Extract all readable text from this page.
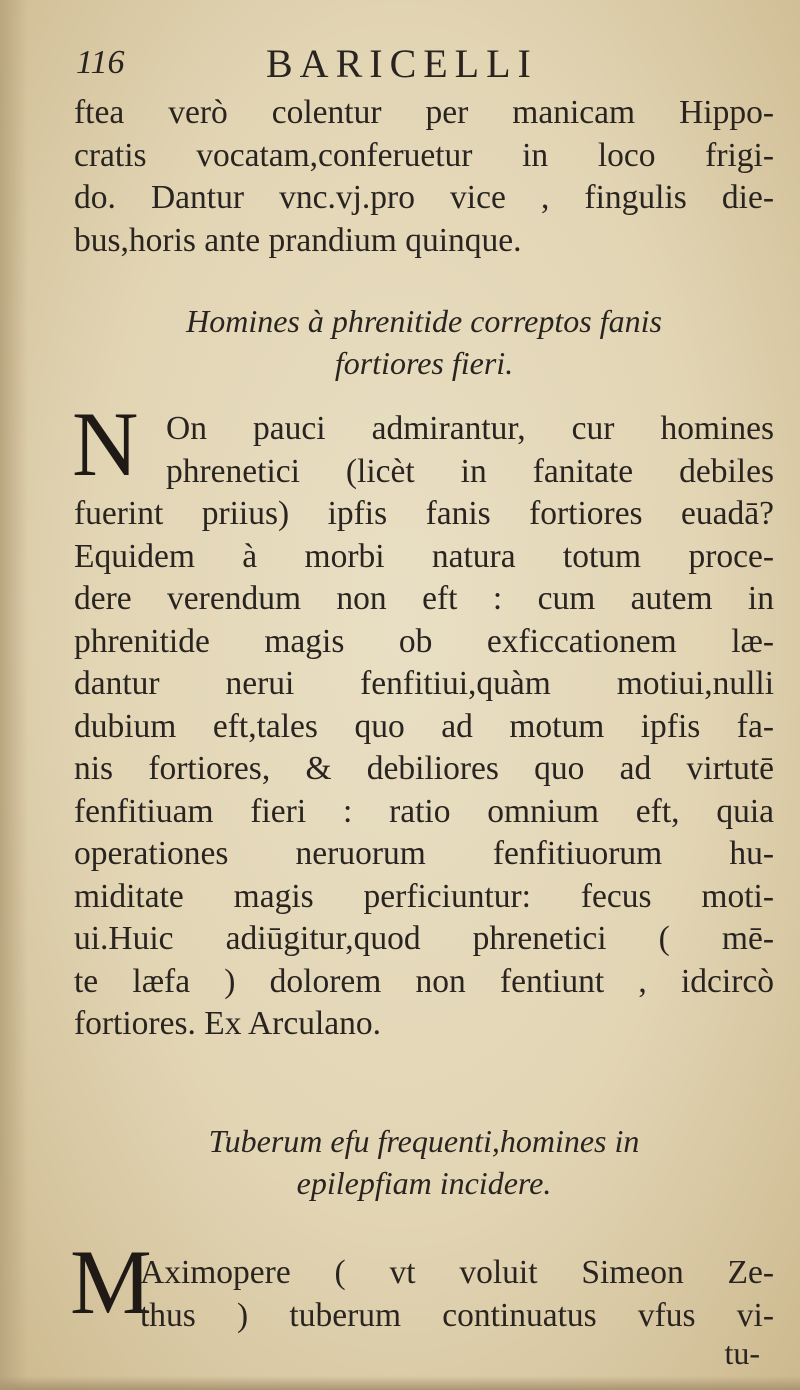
116	BARICELLI
ftea verò colentur per manicam Hippo-
cratis vocatam,conferuetur in loco frigi-
do. Dantur vnc.vj.pro vice , fingulis die-
bus,horis ante prandium quinque.
Homines à phrenitide correptos fanis
fortiores fieri.
N On pauci admirantur, cur homines
phrenetici (licèt in fanitate debiles
fuerint priius) ipfis fanis fortiores euadā?
Equidem à morbi natura totum proce-
dere verendum non eft : cum autem in
phrenitide magis ob exficcationem læ-
dantur nerui fenfitiui,quàm motiui,nulli
dubium eft,tales quo ad motum ipfis fa-
nis fortiores, & debiliores quo ad virtutē
fenfitiuam fieri : ratio omnium eft, quia
operationes neruorum fenfitiuorum hu-
miditate magis perficiuntur: fecus moti-
ui.Huic adiūgitur,quod phrenetici ( mē-
te læfa ) dolorem non fentiunt , idcircò
fortiores. Ex Arculano.
Tuberum efu frequenti,homines in
epilepfiam incidere.
M
Aximopere ( vt voluit Simeon Ze-
thus ) tuberum continuatus vfus vi-
tu-
